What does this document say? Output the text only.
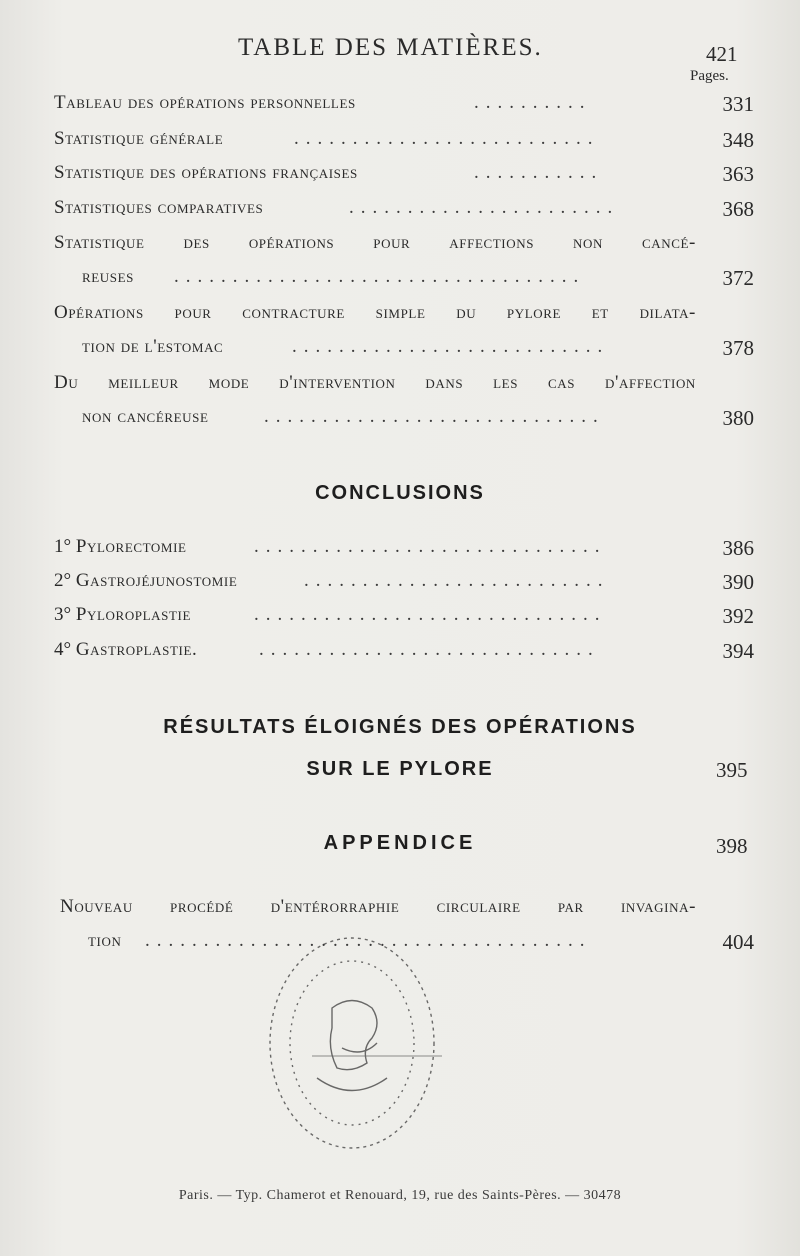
TABLE DES MATIÈRES.	421
Pages.
Tableau des opérations personnelles	..........	331
Statistique générale	..........................	348
Statistique des opérations françaises	...........	363
Statistiques comparatives	.......................	368
Statistique des opérations pour affections non cancé-
reuses ...................................	372
Opérations pour contracture simple du pylore et dilata-
tion de l'estomac	...........................	378
Du meilleur mode d'intervention dans les cas d'affection
non cancéreuse	.............................	380
CONCLUSIONS
1° Pylorectomie	..............................	386
2° Gastrojéjunostomie	..........................	390
3° Pyloroplastie	..............................	392
4° Gastroplastie.	.............................	394
RÉSULTATS ÉLOIGNÉS DES OPÉRATIONS
SUR LE PYLORE	395
APPENDICE	398
Nouveau procédé d'entérorraphie circulaire par invagina-
tion ......................................	404
Paris. — Typ. Chamerot et Renouard, 19, rue des Saints-Pères. — 30478
